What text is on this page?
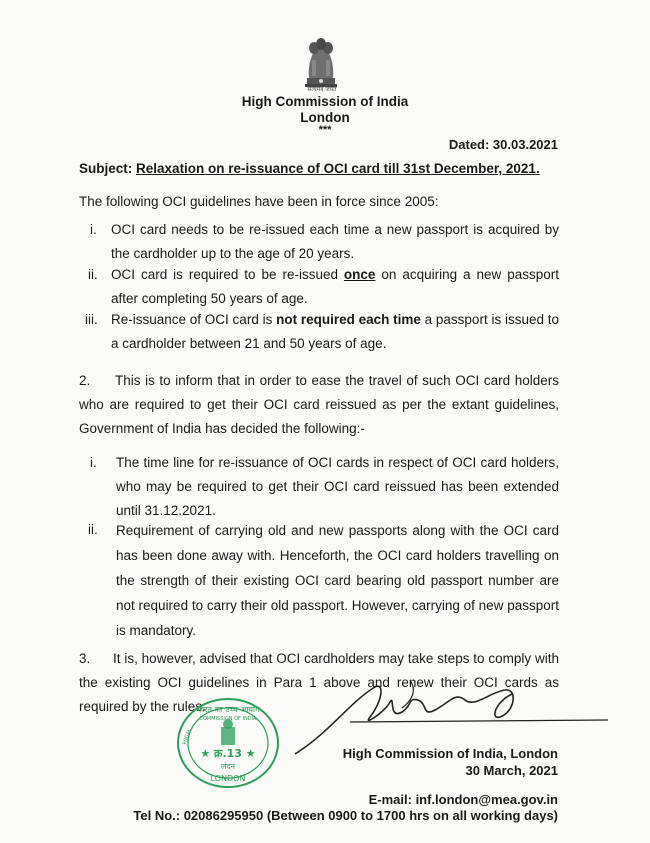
सत्यमेव जयते
High Commission of India
London
***
Dated: 30.03.2021
Subject: Relaxation on re-issuance of OCI card till 31st December, 2021.
The following OCI guidelines have been in force since 2005:
i. OCI card needs to be re-issued each time a new passport is acquired by the cardholder up to the age of 20 years.
ii. OCI card is required to be re-issued once on acquiring a new passport after completing 50 years of age.
iii. Re-issuance of OCI card is not required each time a passport is issued to a cardholder between 21 and 50 years of age.
2.	This is to inform that in order to ease the travel of such OCI card holders who are required to get their OCI card reissued as per the extant guidelines, Government of India has decided the following:-
i. The time line for re-issuance of OCI cards in respect of OCI card holders, who may be required to get their OCI card reissued has been extended until 31.12.2021.
ii. Requirement of carrying old and new passports along with the OCI card has been done away with. Henceforth, the OCI card holders travelling on the strength of their existing OCI card bearing old passport number are not required to carry their old passport. However, carrying of new passport is mandatory.
3.	It is, however, advised that OCI cardholders may take steps to comply with the existing OCI guidelines in Para 1 above and renew their OCI cards as required by the rules.
★ क्र.13 ★
लंदन
LONDON
भारत का उच्च आयोग
HIGH
COMMISSION OF INDIA
High Commission of India, London
30 March, 2021
E-mail: inf.london@mea.gov.in
Tel No.: 02086295950 (Between 0900 to 1700 hrs on all working days)
